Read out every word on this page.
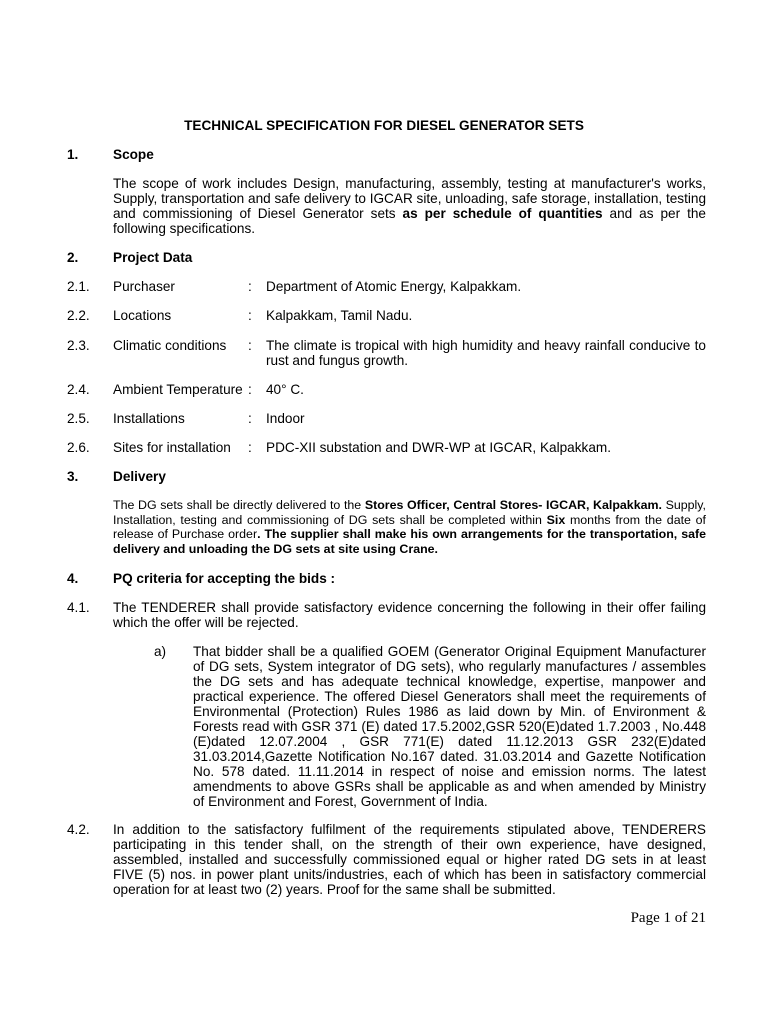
TECHNICAL SPECIFICATION FOR DIESEL GENERATOR SETS
1.	Scope

The scope of work includes Design, manufacturing, assembly, testing at manufacturer's works, Supply, transportation and safe delivery to IGCAR site, unloading, safe storage, installation, testing and commissioning of Diesel Generator sets as per schedule of quantities and as per the following specifications.

2.	Project Data
2.1. Purchaser	: Department of Atomic Energy, Kalpakkam.
2.2. Locations	: Kalpakkam, Tamil Nadu.
2.3. Climatic conditions : The climate is tropical with high humidity and heavy rainfall conducive to rust and fungus growth.
2.4. Ambient Temperature : 40° C.
2.5. Installations	: Indoor
2.6. Sites for installation : PDC-XII substation and DWR-WP at IGCAR, Kalpakkam.
3.	Delivery

The DG sets shall be directly delivered to the Stores Officer, Central Stores- IGCAR, Kalpakkam. Supply, Installation, testing and commissioning of DG sets shall be completed within Six months from the date of release of Purchase order. The supplier shall make his own arrangements for the transportation, safe delivery and unloading the DG sets at site using Crane.

4.	PQ criteria for accepting the bids :
4.1. The TENDERER shall provide satisfactory evidence concerning the following in their offer failing which the offer will be rejected.

a) That bidder shall be a qualified GOEM (Generator Original Equipment Manufacturer of DG sets, System integrator of DG sets), who regularly manufactures / assembles the DG sets and has adequate technical knowledge, expertise, manpower and practical experience. The offered Diesel Generators shall meet the requirements of Environmental (Protection) Rules 1986 as laid down by Min. of Environment & Forests read with GSR 371 (E) dated 17.5.2002,GSR 520(E)dated 1.7.2003 , No.448 (E)dated 12.07.2004 , GSR 771(E) dated 11.12.2013 GSR 232(E)dated 31.03.2014,Gazette Notification No.167 dated. 31.03.2014 and Gazette Notification No. 578 dated. 11.11.2014 in respect of noise and emission norms. The latest amendments to above GSRs shall be applicable as and when amended by Ministry of Environment and Forest, Government of India.

4.2. In addition to the satisfactory fulfilment of the requirements stipulated above, TENDERERS participating in this tender shall, on the strength of their own experience, have designed, assembled, installed and successfully commissioned equal or higher rated DG sets in at least FIVE (5) nos. in power plant units/industries, each of which has been in satisfactory commercial operation for at least two (2) years. Proof for the same shall be submitted.

Page 1 of 21
